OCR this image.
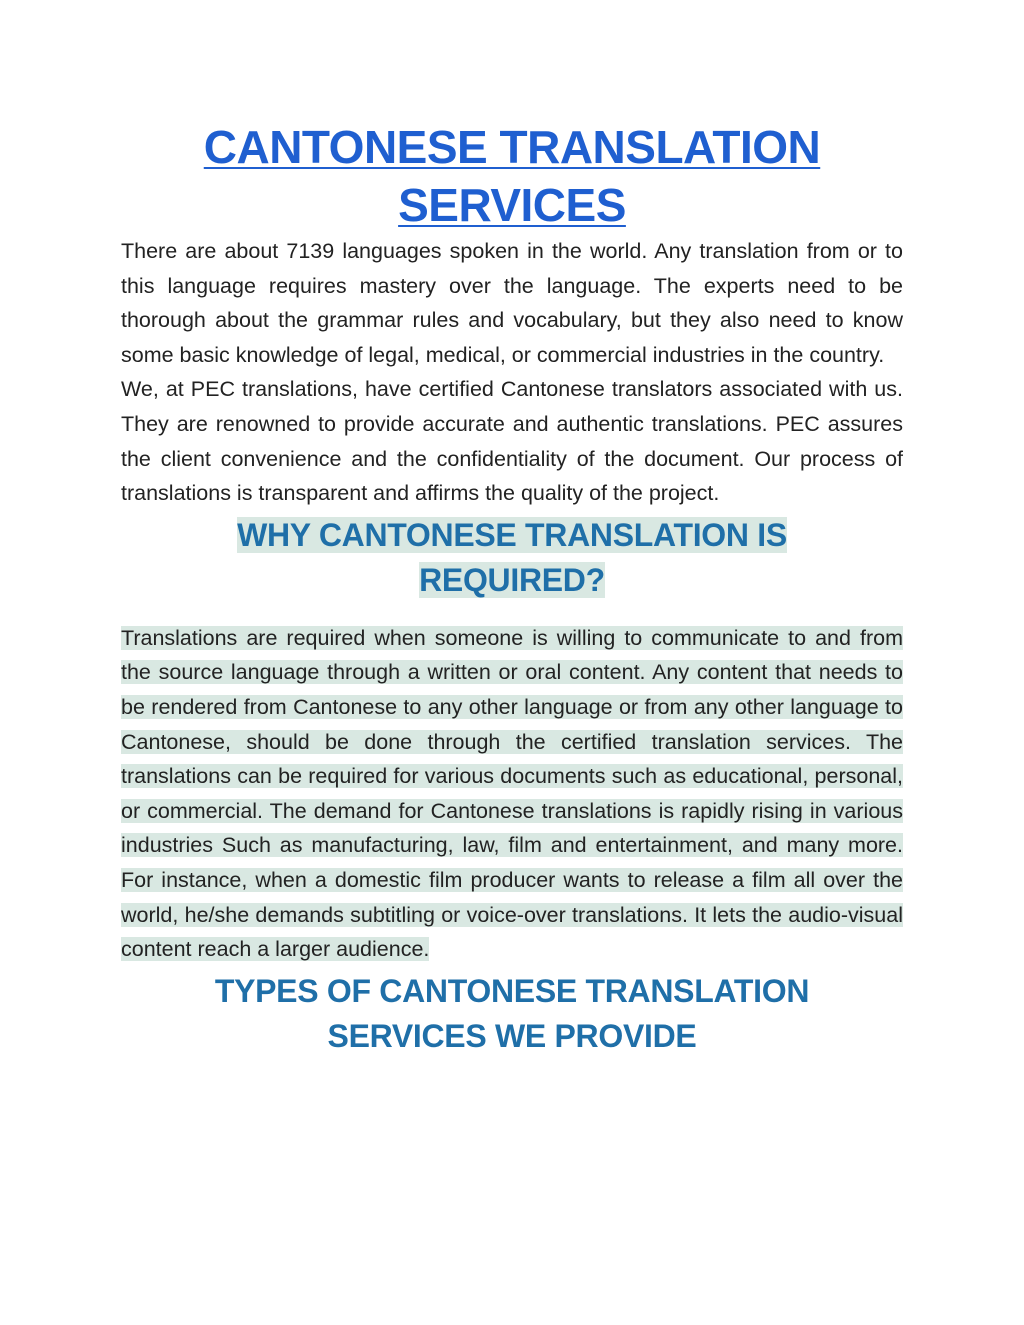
CANTONESE TRANSLATION
SERVICES

There are about 7139 languages spoken in the world. Any translation from or to this language requires mastery over the language. The experts need to be thorough about the grammar rules and vocabulary, but they also need to know some basic knowledge of legal, medical, or commercial industries in the country.

We, at PEC translations, have certified Cantonese translators associated with us. They are renowned to provide accurate and authentic translations. PEC assures the client convenience and the confidentiality of the document. Our process of translations is transparent and affirms the quality of the project.

WHY CANTONESE TRANSLATION IS
REQUIRED?

Translations are required when someone is willing to communicate to and from the source language through a written or oral content. Any content that needs to be rendered from Cantonese to any other language or from any other language to Cantonese, should be done through the certified translation services. The translations can be required for various documents such as educational, personal, or commercial. The demand for Cantonese translations is rapidly rising in various industries Such as manufacturing, law, film and entertainment, and many more. For instance, when a domestic film producer wants to release a film all over the world, he/she demands subtitling or voice-over translations. It lets the audio-visual content reach a larger audience.

TYPES OF CANTONESE TRANSLATION
SERVICES WE PROVIDE
